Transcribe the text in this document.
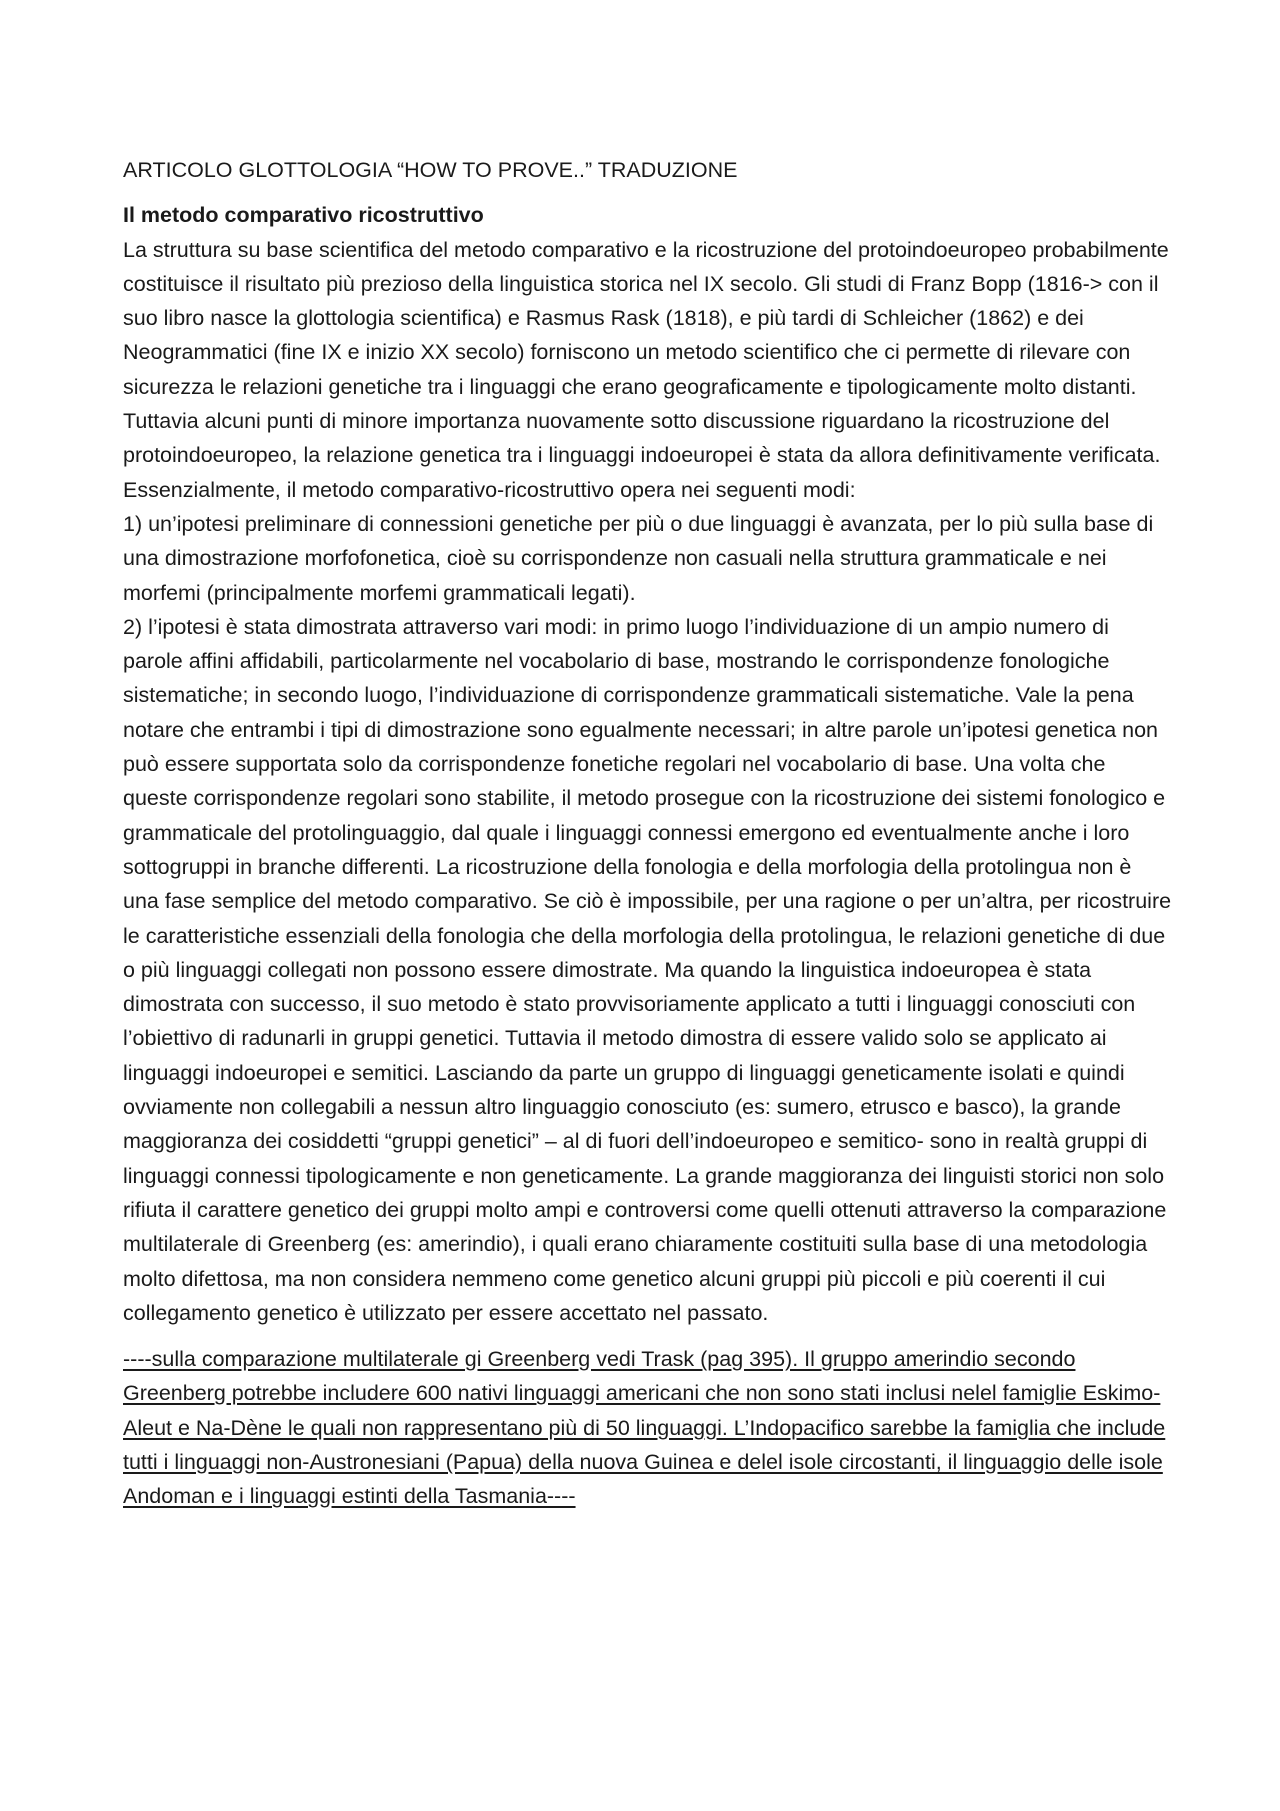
ARTICOLO GLOTTOLOGIA “HOW TO PROVE..” TRADUZIONE

Il metodo comparativo ricostruttivo

La struttura su base scientifica del metodo comparativo e la ricostruzione del protoindoeuropeo probabilmente costituisce il risultato più prezioso della linguistica storica nel IX secolo. Gli studi di Franz Bopp (1816-> con il suo libro nasce la glottologia scientifica) e Rasmus Rask (1818), e più tardi di Schleicher (1862) e dei Neogrammatici (fine IX e inizio XX secolo) forniscono un metodo scientifico che ci permette di rilevare con sicurezza le relazioni genetiche tra i linguaggi che erano geograficamente e tipologicamente molto distanti. Tuttavia alcuni punti di minore importanza nuovamente sotto discussione riguardano la ricostruzione del protoindoeuropeo, la relazione genetica tra i linguaggi indoeuropei è stata da allora definitivamente verificata. Essenzialmente, il metodo comparativo-ricostruttivo opera nei seguenti modi:

1) un’ipotesi preliminare di connessioni genetiche per più o due linguaggi è avanzata, per lo più sulla base di una dimostrazione morfofonetica, cioè su corrispondenze non casuali nella struttura grammaticale e nei morfemi (principalmente morfemi grammaticali legati).

2) l’ipotesi è stata dimostrata attraverso vari modi: in primo luogo l’individuazione di un ampio numero di parole affini affidabili, particolarmente nel vocabolario di base, mostrando le corrispondenze fonologiche sistematiche; in secondo luogo, l’individuazione di corrispondenze grammaticali sistematiche. Vale la pena notare che entrambi i tipi di dimostrazione sono egualmente necessari; in altre parole un’ipotesi genetica non può essere supportata solo da corrispondenze fonetiche regolari nel vocabolario di base. Una volta che queste corrispondenze regolari sono stabilite, il metodo prosegue con la ricostruzione dei sistemi fonologico e grammaticale del protolinguaggio, dal quale i linguaggi connessi emergono ed eventualmente anche i loro sottogruppi in branche differenti. La ricostruzione della fonologia e della morfologia della protolingua non è una fase semplice del metodo comparativo. Se ciò è impossibile, per una ragione o per un’altra, per ricostruire le caratteristiche essenziali della fonologia che della morfologia della protolingua, le relazioni genetiche di due o più linguaggi collegati non possono essere dimostrate. Ma quando la linguistica indoeuropea è stata dimostrata con successo, il suo metodo è stato provvisoriamente applicato a tutti i linguaggi conosciuti con l’obiettivo di radunarli in gruppi genetici. Tuttavia il metodo dimostra di essere valido solo se applicato ai linguaggi indoeuropei e semitici. Lasciando da parte un gruppo di linguaggi geneticamente isolati e quindi ovviamente non collegabili a nessun altro linguaggio conosciuto (es: sumero, etrusco e basco), la grande maggioranza dei cosiddetti “gruppi genetici” – al di fuori dell’indoeuropeo e semitico- sono in realtà gruppi di linguaggi connessi tipologicamente e non geneticamente. La grande maggioranza dei linguisti storici non solo rifiuta il carattere genetico dei gruppi molto ampi e controversi come quelli ottenuti attraverso la comparazione multilaterale di Greenberg (es: amerindio), i quali erano chiaramente costituiti sulla base di una metodologia molto difettosa, ma non considera nemmeno come genetico alcuni gruppi più piccoli e più coerenti il cui collegamento genetico è utilizzato per essere accettato nel passato.

----sulla comparazione multilaterale gi Greenberg vedi Trask (pag 395). Il gruppo amerindio secondo Greenberg potrebbe includere 600 nativi linguaggi americani che non sono stati inclusi nelel famiglie Eskimo-Aleut e Na-Dène le quali non rappresentano più di 50 linguaggi. L’Indopacifico sarebbe la famiglia che include tutti i linguaggi non-Austronesiani (Papua) della nuova Guinea e delel isole circostanti, il linguaggio delle isole Andoman e i linguaggi estinti della Tasmania----
